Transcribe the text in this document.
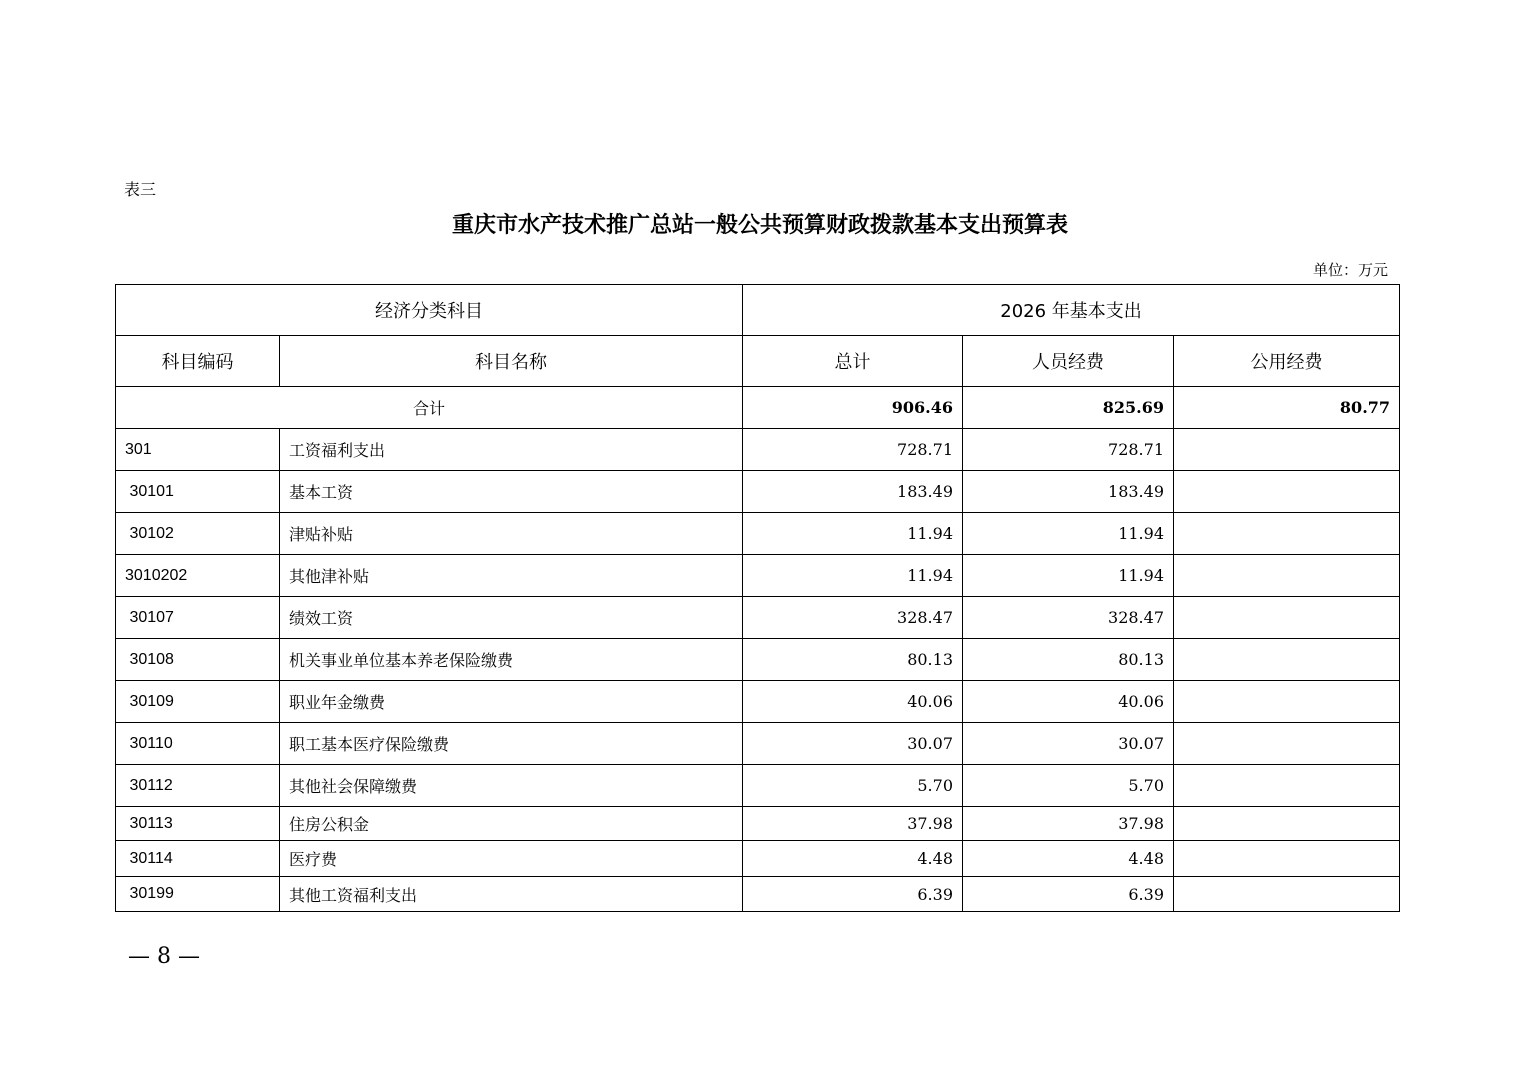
表三
重庆市水产技术推广总站一般公共预算财政拨款基本支出预算表
单位：万元
经济分类科目		2026 年基本支出		
科目编码	科目名称	总计	人员经费	公用经费
合计		906.46	825.69	80.77
301	工资福利支出	728.71	728.71	
30101	基本工资	183.49	183.49	
30102	津贴补贴	11.94	11.94	
3010202	其他津补贴	11.94	11.94	
30107	绩效工资	328.47	328.47	
30108	机关事业单位基本养老保险缴费	80.13	80.13	
30109	职业年金缴费	40.06	40.06	
30110	职工基本医疗保险缴费	30.07	30.07	
30112	其他社会保障缴费	5.70	5.70	
30113	住房公积金	37.98	37.98	
30114	医疗费	4.48	4.48	
30199	其他工资福利支出	6.39	6.39	
— 8 —
